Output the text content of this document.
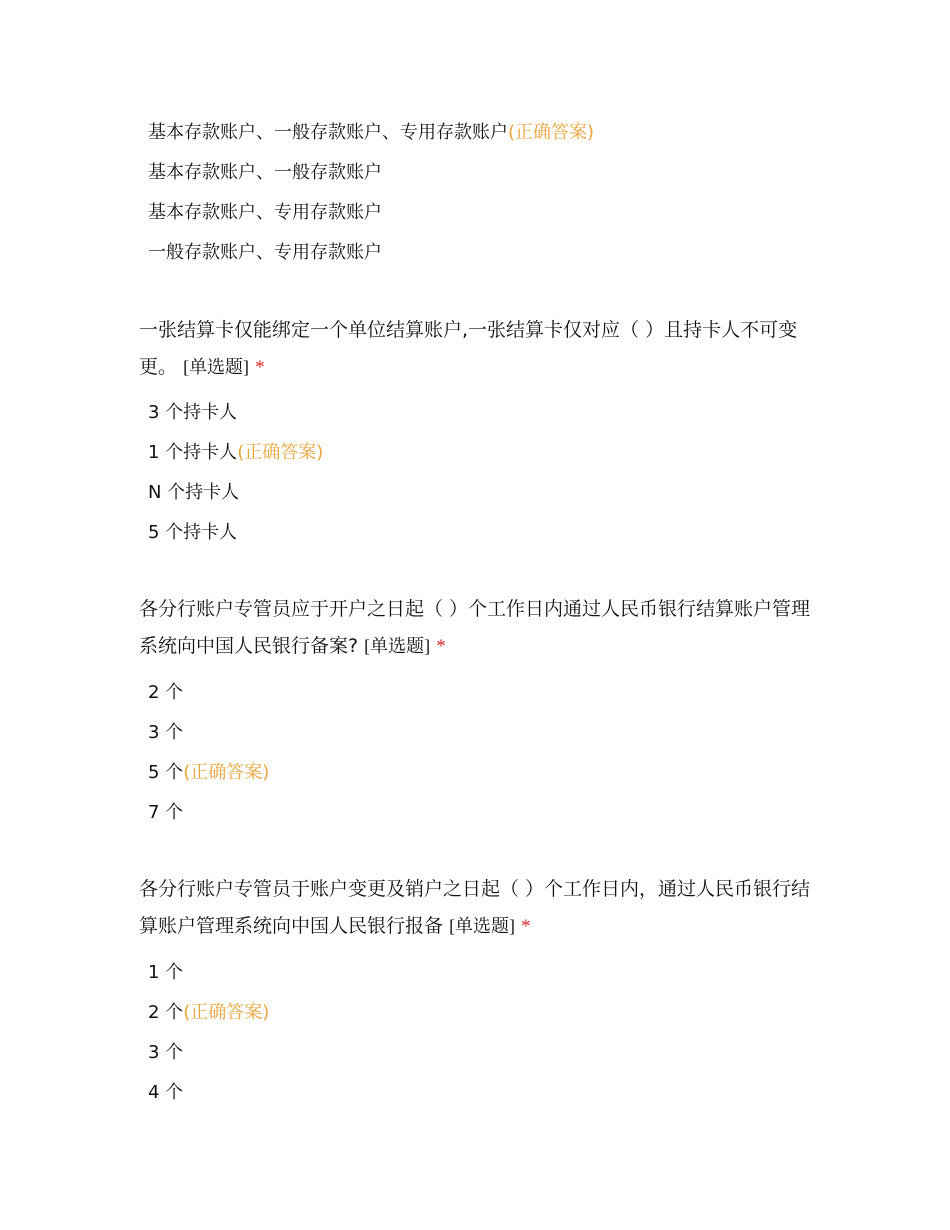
基本存款账户、一般存款账户、专用存款账户(正确答案)
基本存款账户、一般存款账户
基本存款账户、专用存款账户
一般存款账户、专用存款账户
一张结算卡仅能绑定一个单位结算账户,一张结算卡仅对应（ ）且持卡人不可变
更。 [单选题] *
3 个持卡人
1 个持卡人(正确答案)
N 个持卡人
5 个持卡人
各分行账户专管员应于开户之日起（ ）个工作日内通过人民币银行结算账户管理
系统向中国人民银行备案? [单选题] *
2 个
3 个
5 个(正确答案)
7 个
各分行账户专管员于账户变更及销户之日起（ ）个工作日内，通过人民币银行结
算账户管理系统向中国人民银行报备 [单选题] *
1 个
2 个(正确答案)
3 个
4 个
